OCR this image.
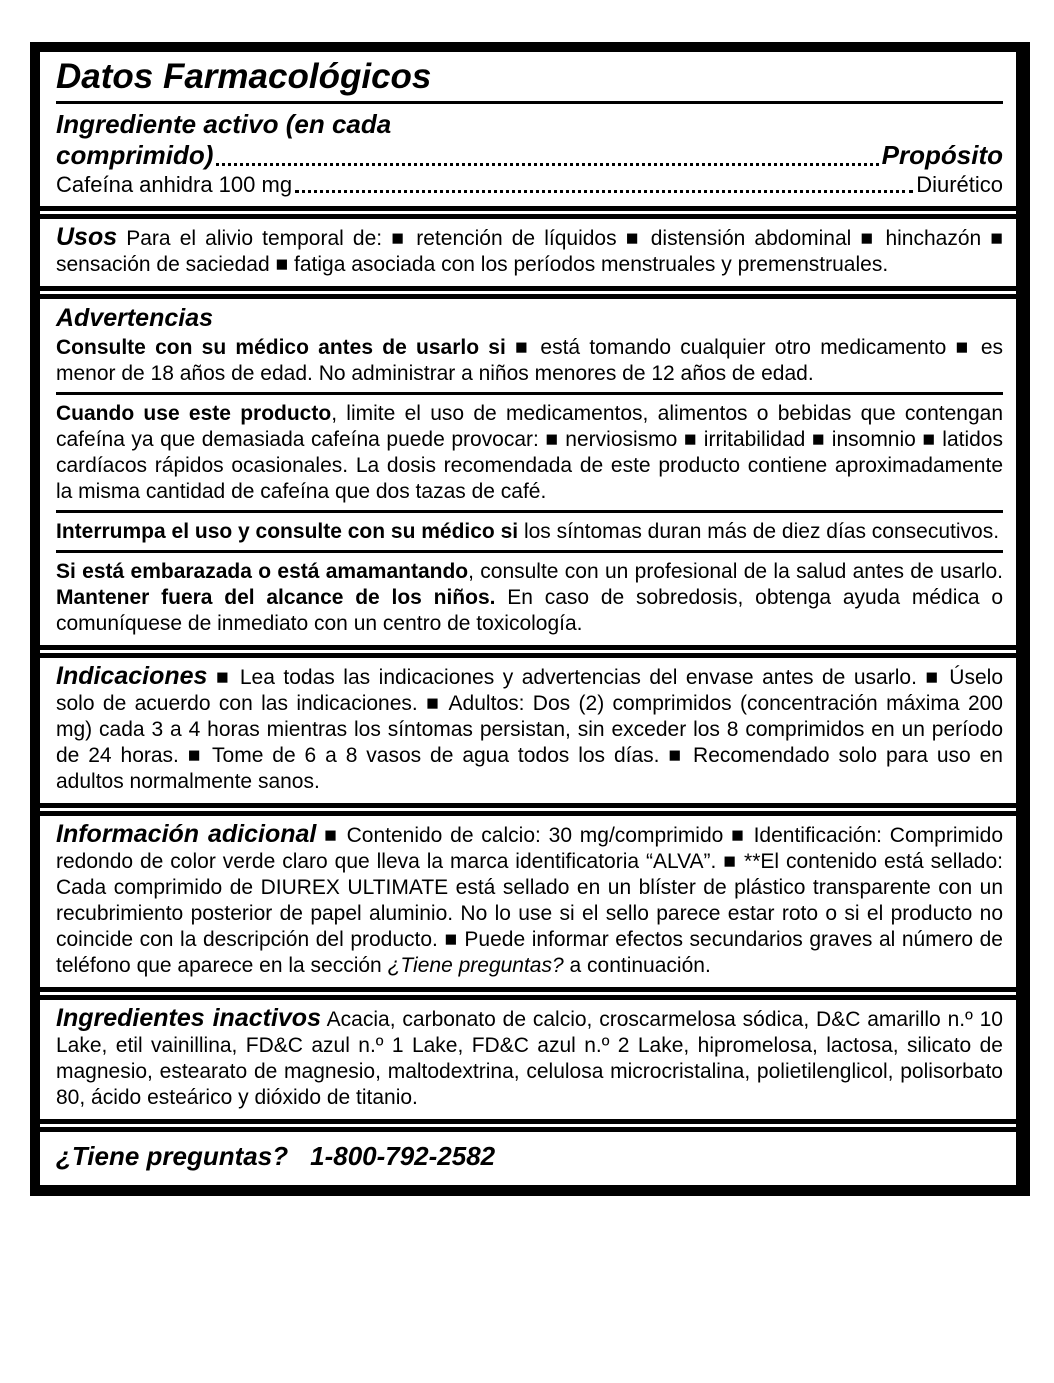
Datos Farmacológicos
Ingrediente activo (en cada
comprimido)	Propósito
Cafeína anhidra 100 mg	Diurético

Usos Para el alivio temporal de: ■ retención de líquidos ■ distensión abdominal ■ hinchazón ■ sensación de saciedad ■ fatiga asociada con los períodos menstruales y premenstruales.

Advertencias

Consulte con su médico antes de usarlo si ■ está tomando cualquier otro medicamento ■ es menor de 18 años de edad. No administrar a niños menores de 12 años de edad.

Cuando use este producto, limite el uso de medicamentos, alimentos o bebidas que contengan cafeína ya que demasiada cafeína puede provocar: ■ nerviosismo ■ irritabilidad ■ insomnio ■ latidos cardíacos rápidos ocasionales. La dosis recomendada de este producto contiene aproximadamente la misma cantidad de cafeína que dos tazas de café.

Interrumpa el uso y consulte con su médico si los síntomas duran más de diez días consecutivos.

Si está embarazada o está amamantando, consulte con un profesional de la salud antes de usarlo. Mantener fuera del alcance de los niños. En caso de sobredosis, obtenga ayuda médica o comuníquese de inmediato con un centro de toxicología.

Indicaciones ■ Lea todas las indicaciones y advertencias del envase antes de usarlo. ■ Úselo solo de acuerdo con las indicaciones. ■ Adultos: Dos (2) comprimidos (concentración máxima 200 mg) cada 3 a 4 horas mientras los síntomas persistan, sin exceder los 8 comprimidos en un período de 24 horas. ■ Tome de 6 a 8 vasos de agua todos los días. ■ Recomendado solo para uso en adultos normalmente sanos.

Información adicional ■ Contenido de calcio: 30 mg/comprimido ■ Identificación: Comprimido redondo de color verde claro que lleva la marca identificatoria “ALVA”. ■ **El contenido está sellado: Cada comprimido de DIUREX ULTIMATE está sellado en un blíster de plástico transparente con un recubrimiento posterior de papel aluminio. No lo use si el sello parece estar roto o si el producto no coincide con la descripción del producto. ■ Puede informar efectos secundarios graves al número de teléfono que aparece en la sección ¿Tiene preguntas? a continuación.

Ingredientes inactivos Acacia, carbonato de calcio, croscarmelosa sódica, D&C amarillo n.º 10 Lake, etil vainillina, FD&C azul n.º 1 Lake, FD&C azul n.º 2 Lake, hipromelosa, lactosa, silicato de magnesio, estearato de magnesio, maltodextrina, celulosa microcristalina, polietilenglicol, polisorbato 80, ácido esteárico y dióxido de titanio.

¿Tiene preguntas? 1-800-792-2582
